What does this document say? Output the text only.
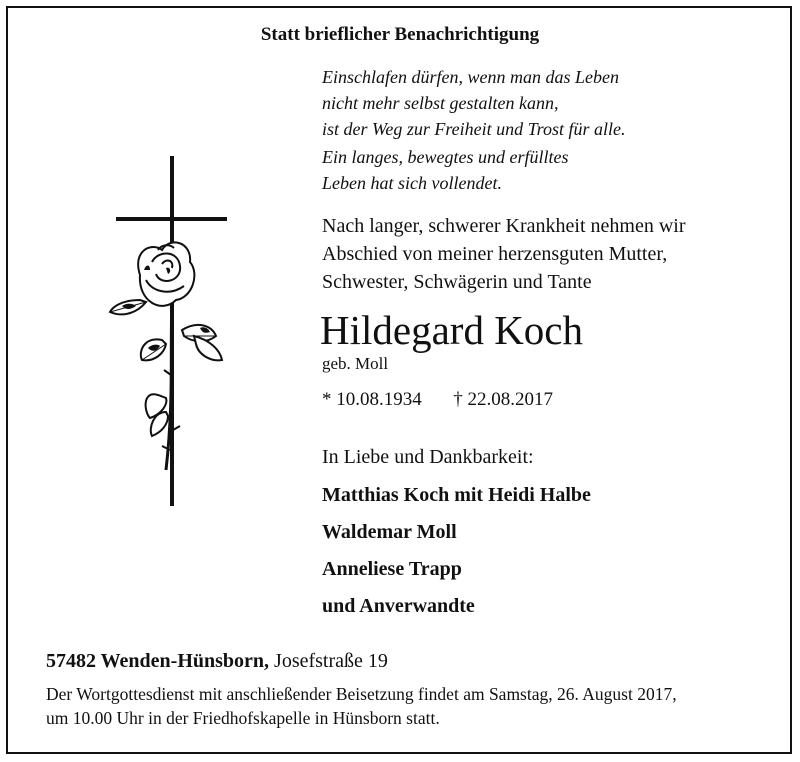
Statt brieflicher Benachrichtigung
Einschlafen dürfen, wenn man das Leben
nicht mehr selbst gestalten kann,
ist der Weg zur Freiheit und Trost für alle.
Ein langes, bewegtes und erfülltes
Leben hat sich vollendet.
Nach langer, schwerer Krankheit nehmen wir
Abschied von meiner herzensguten Mutter,
Schwester, Schwägerin und Tante
Hildegard Koch
geb. Moll
* 10.08.1934 † 22.08.2017
In Liebe und Dankbarkeit:
Matthias Koch mit Heidi Halbe
Waldemar Moll
Anneliese Trapp
und Anverwandte
57482 Wenden-Hünsborn, Josefstraße 19
Der Wortgottesdienst mit anschließender Beisetzung findet am Samstag, 26. August 2017,
um 10.00 Uhr in der Friedhofskapelle in Hünsborn statt.
